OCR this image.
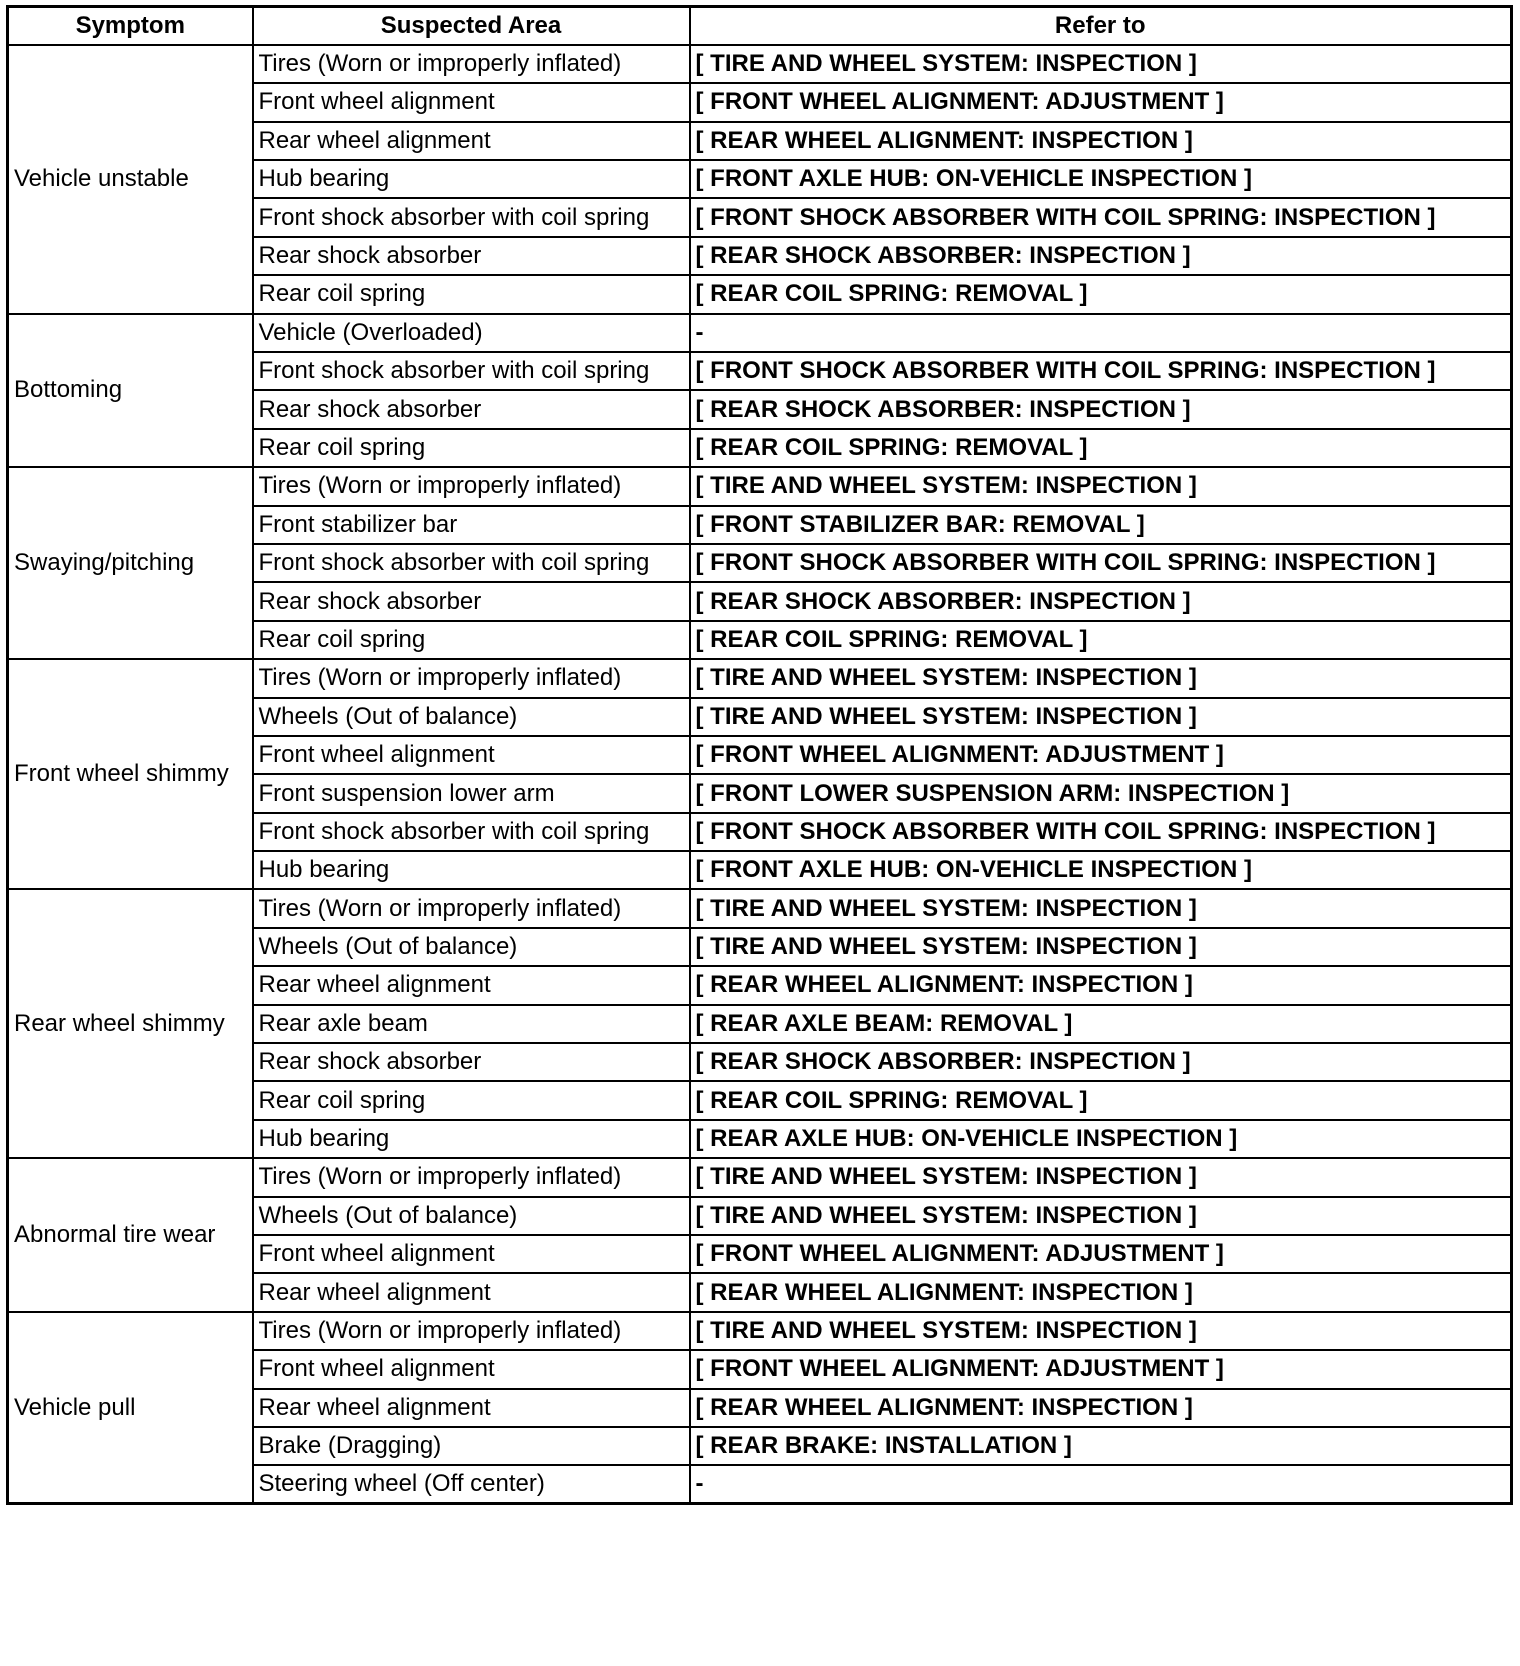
Symptom	Suspected Area	Refer to
Vehicle unstable	Tires (Worn or improperly inflated)	[ TIRE AND WHEEL SYSTEM: INSPECTION ]
	Front wheel alignment	[ FRONT WHEEL ALIGNMENT: ADJUSTMENT ]
	Rear wheel alignment	[ REAR WHEEL ALIGNMENT: INSPECTION ]
	Hub bearing	[ FRONT AXLE HUB: ON-VEHICLE INSPECTION ]
	Front shock absorber with coil spring	[ FRONT SHOCK ABSORBER WITH COIL SPRING: INSPECTION ]
	Rear shock absorber	[ REAR SHOCK ABSORBER: INSPECTION ]
	Rear coil spring	[ REAR COIL SPRING: REMOVAL ]
Bottoming	Vehicle (Overloaded)	-
	Front shock absorber with coil spring	[ FRONT SHOCK ABSORBER WITH COIL SPRING: INSPECTION ]
	Rear shock absorber	[ REAR SHOCK ABSORBER: INSPECTION ]
	Rear coil spring	[ REAR COIL SPRING: REMOVAL ]
Swaying/pitching	Tires (Worn or improperly inflated)	[ TIRE AND WHEEL SYSTEM: INSPECTION ]
	Front stabilizer bar	[ FRONT STABILIZER BAR: REMOVAL ]
	Front shock absorber with coil spring	[ FRONT SHOCK ABSORBER WITH COIL SPRING: INSPECTION ]
	Rear shock absorber	[ REAR SHOCK ABSORBER: INSPECTION ]
	Rear coil spring	[ REAR COIL SPRING: REMOVAL ]
Front wheel shimmy	Tires (Worn or improperly inflated)	[ TIRE AND WHEEL SYSTEM: INSPECTION ]
	Wheels (Out of balance)	[ TIRE AND WHEEL SYSTEM: INSPECTION ]
	Front wheel alignment	[ FRONT WHEEL ALIGNMENT: ADJUSTMENT ]
	Front suspension lower arm	[ FRONT LOWER SUSPENSION ARM: INSPECTION ]
	Front shock absorber with coil spring	[ FRONT SHOCK ABSORBER WITH COIL SPRING: INSPECTION ]
	Hub bearing	[ FRONT AXLE HUB: ON-VEHICLE INSPECTION ]
Rear wheel shimmy	Tires (Worn or improperly inflated)	[ TIRE AND WHEEL SYSTEM: INSPECTION ]
	Wheels (Out of balance)	[ TIRE AND WHEEL SYSTEM: INSPECTION ]
	Rear wheel alignment	[ REAR WHEEL ALIGNMENT: INSPECTION ]
	Rear axle beam	[ REAR AXLE BEAM: REMOVAL ]
	Rear shock absorber	[ REAR SHOCK ABSORBER: INSPECTION ]
	Rear coil spring	[ REAR COIL SPRING: REMOVAL ]
	Hub bearing	[ REAR AXLE HUB: ON-VEHICLE INSPECTION ]
Abnormal tire wear	Tires (Worn or improperly inflated)	[ TIRE AND WHEEL SYSTEM: INSPECTION ]
	Wheels (Out of balance)	[ TIRE AND WHEEL SYSTEM: INSPECTION ]
	Front wheel alignment	[ FRONT WHEEL ALIGNMENT: ADJUSTMENT ]
	Rear wheel alignment	[ REAR WHEEL ALIGNMENT: INSPECTION ]
Vehicle pull	Tires (Worn or improperly inflated)	[ TIRE AND WHEEL SYSTEM: INSPECTION ]
	Front wheel alignment	[ FRONT WHEEL ALIGNMENT: ADJUSTMENT ]
	Rear wheel alignment	[ REAR WHEEL ALIGNMENT: INSPECTION ]
	Brake (Dragging)	[ REAR BRAKE: INSTALLATION ]
	Steering wheel (Off center)	-
